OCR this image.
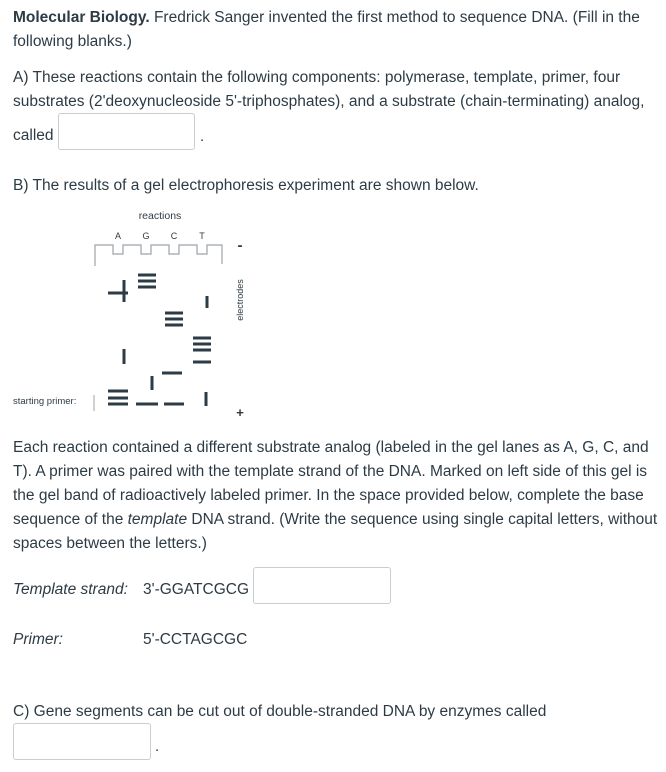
Molecular Biology. Fredrick Sanger invented the first method to sequence DNA. (Fill in the following blanks.)

A) These reactions contain the following components: polymerase, template, primer, four substrates (2'deoxynucleoside 5'-triphosphates), and a substrate (chain-terminating) analog,

called	.

B) The results of a gel electrophoresis experiment are shown below.

reactions
A G C T
-
electrodes
+
starting primer:

Each reaction contained a different substrate analog (labeled in the gel lanes as A, G, C, and T). A primer was paired with the template strand of the DNA. Marked on left side of this gel is the gel band of radioactively labeled primer. In the space provided below, complete the base sequence of the template DNA strand. (Write the sequence using single capital letters, without spaces between the letters.)

Template strand: 3'-GGATCGCG
Primer:	5'-CCTAGCGC

C) Gene segments can be cut out of double-stranded DNA by enzymes called

.
